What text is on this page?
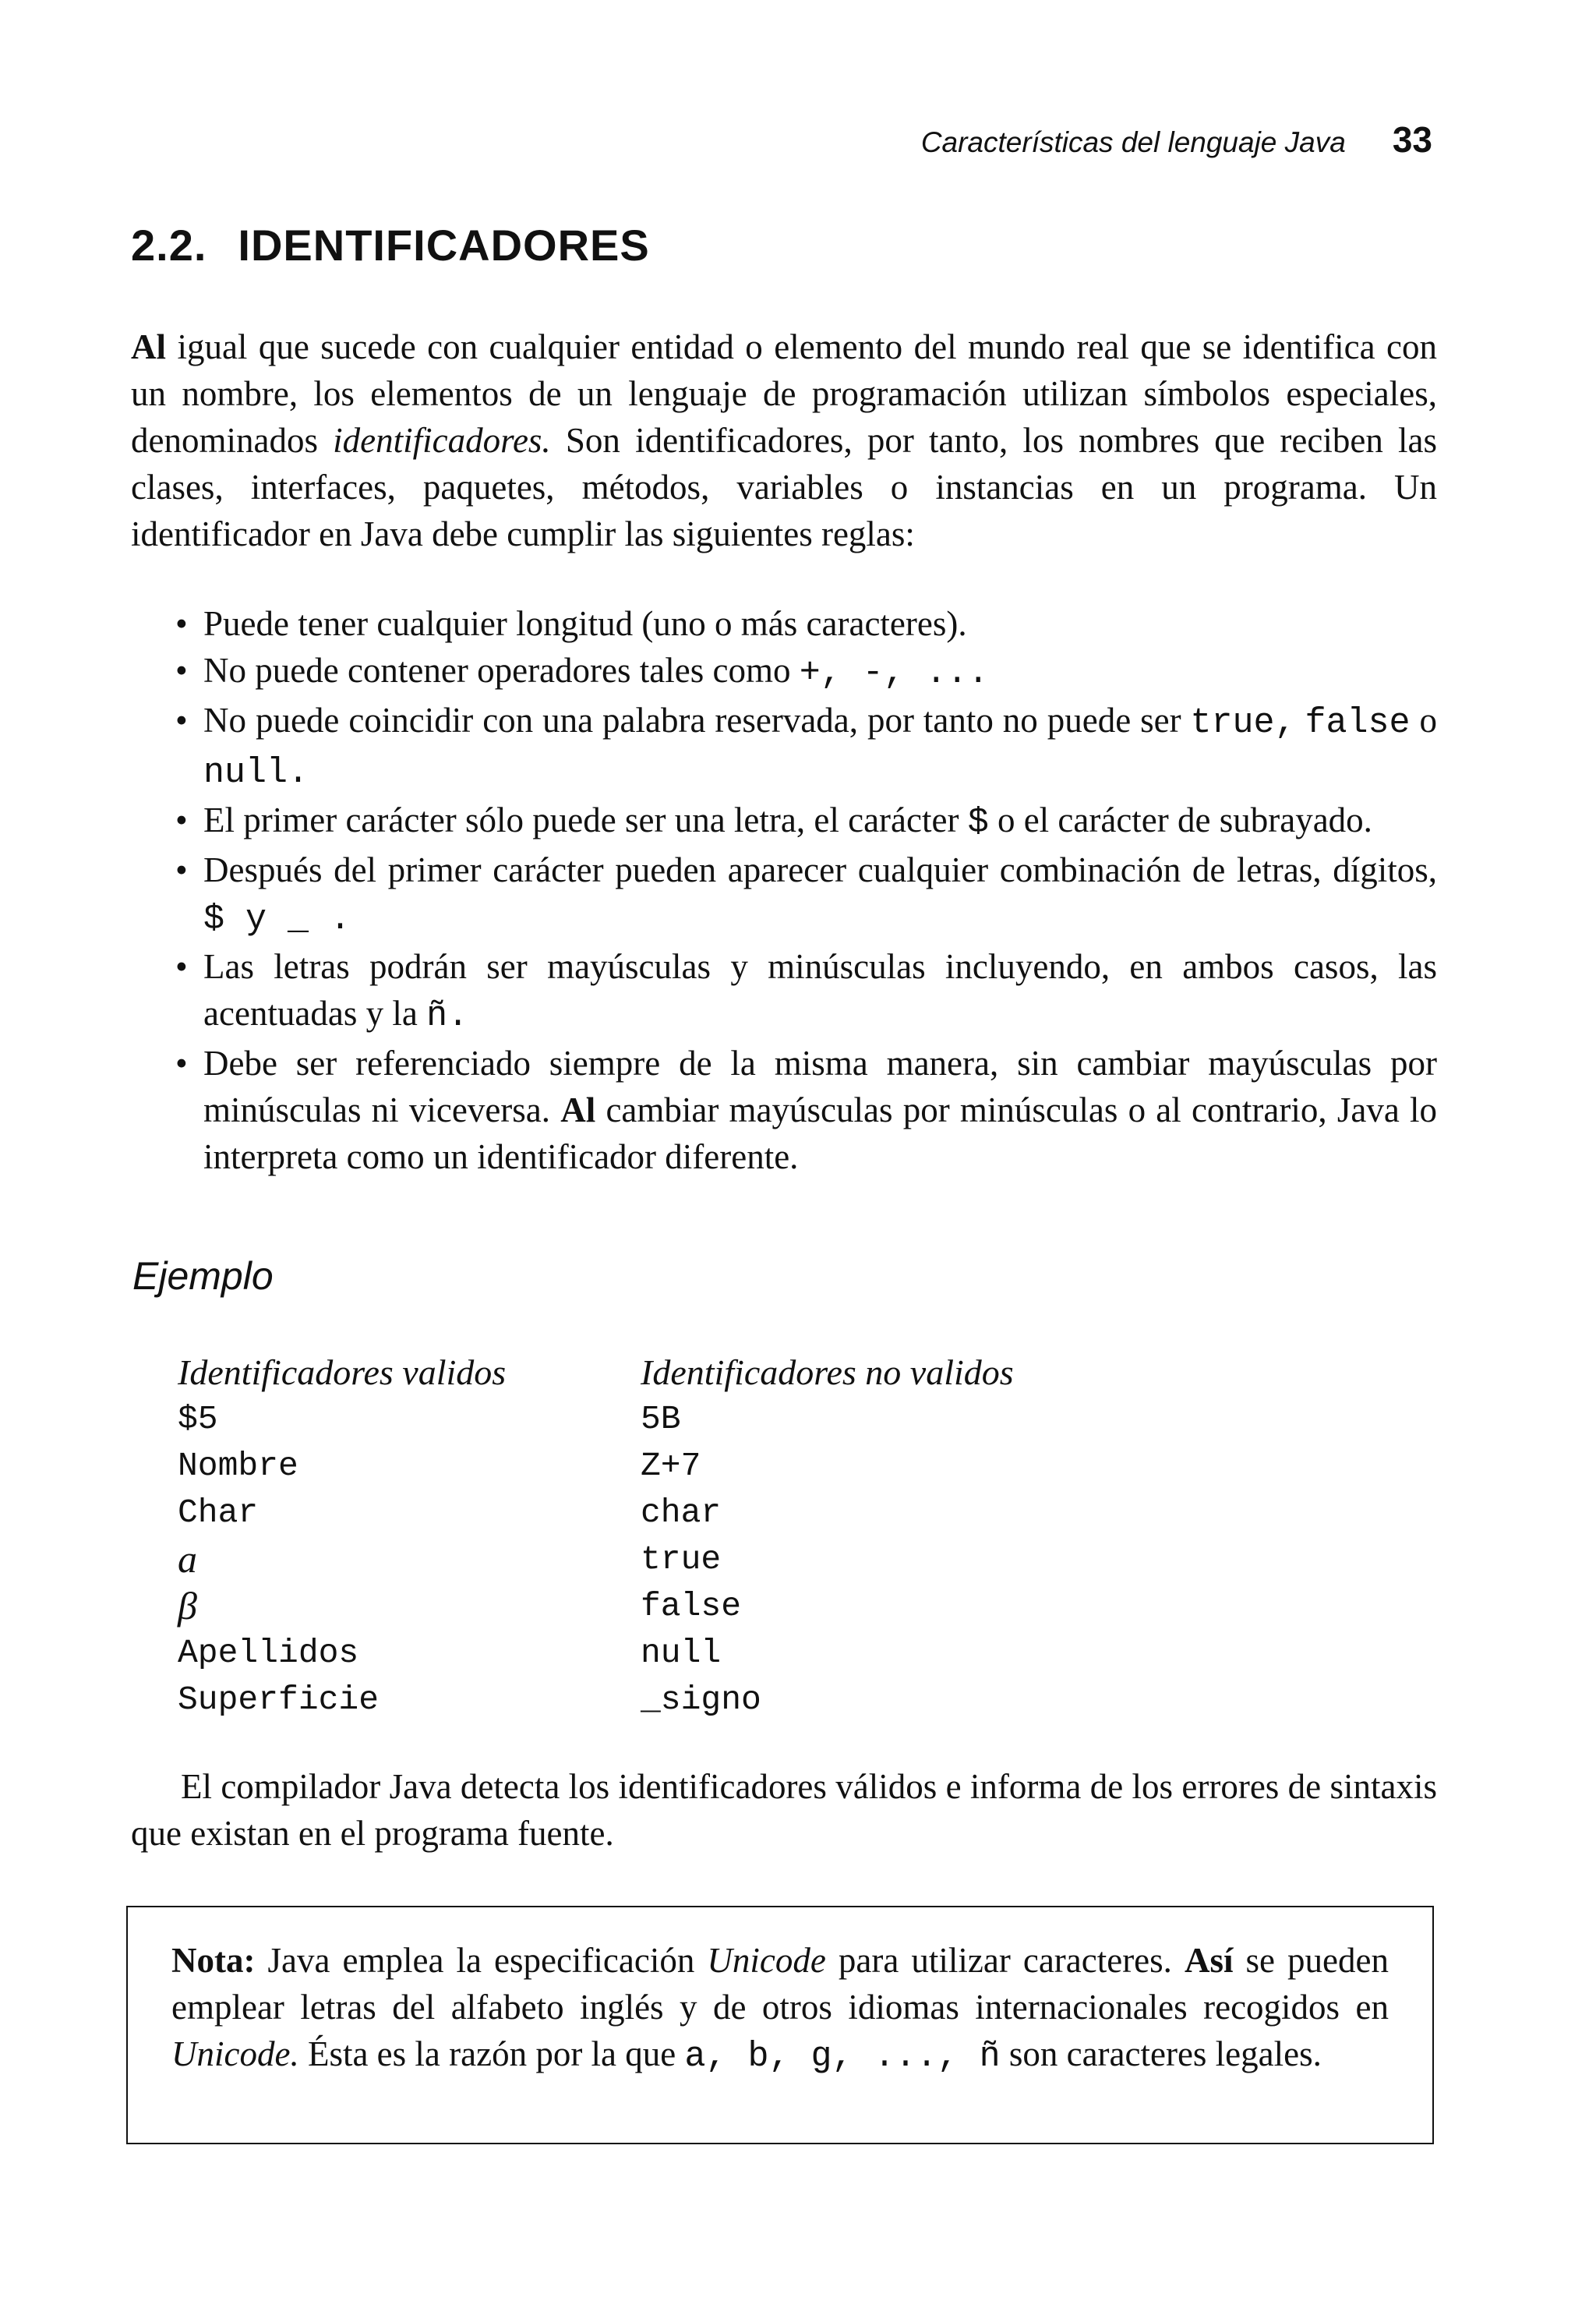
Características del lenguaje Java 33
2.2. IDENTIFICADORES

Al igual que sucede con cualquier entidad o elemento del mundo real que se identifica con un nombre, los elementos de un lenguaje de programación utilizan símbolos especiales, denominados identificadores. Son identificadores, por tanto, los nombres que reciben las clases, interfaces, paquetes, métodos, variables o instancias en un programa. Un identificador en Java debe cumplir las siguientes reglas:

• Puede tener cualquier longitud (uno o más caracteres).
• No puede contener operadores tales como +, -, ...
• No puede coincidir con una palabra reservada, por tanto no puede ser true, false o null.
• El primer carácter sólo puede ser una letra, el carácter $ o el carácter de subrayado.
• Después del primer carácter pueden aparecer cualquier combinación de letras, dígitos, $ y _ .
• Las letras podrán ser mayúsculas y minúsculas incluyendo, en ambos casos, las acentuadas y la ñ.
• Debe ser referenciado siempre de la misma manera, sin cambiar mayúsculas por minúsculas ni viceversa. Al cambiar mayúsculas por minúsculas o al contrario, Java lo interpreta como un identificador diferente.
Ejemplo
Identificadores validos	Identificadores no validos
$5	5B
Nombre	Z+7
Char	char
a	true
β	false
Apellidos	null
Superficie	_signo

El compilador Java detecta los identificadores válidos e informa de los errores de sintaxis que existan en el programa fuente.

Nota: Java emplea la especificación Unicode para utilizar caracteres. Así se pueden emplear letras del alfabeto inglés y de otros idiomas internacionales recogidos en Unicode. Ésta es la razón por la que a, b, g, ..., ñ son caracteres legales.
